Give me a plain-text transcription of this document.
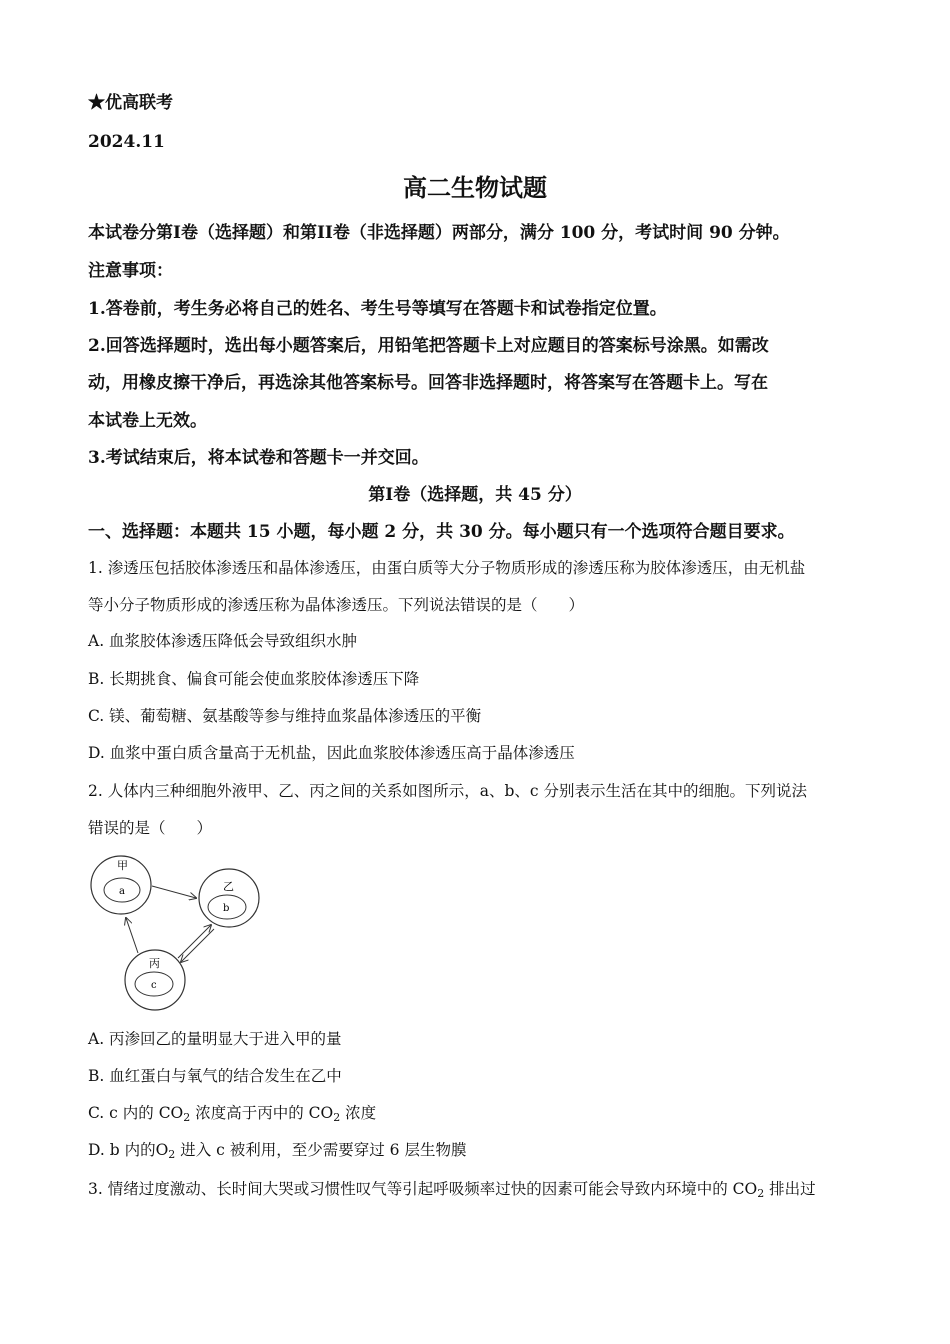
★优高联考
2024.11
高二生物试题
本试卷分第I卷（选择题）和第II卷（非选择题）两部分，满分 100 分，考试时间 90 分钟。
注意事项：
1.答卷前，考生务必将自己的姓名、考生号等填写在答题卡和试卷指定位置。
2.回答选择题时，选出每小题答案后，用铅笔把答题卡上对应题目的答案标号涂黑。如需改
动，用橡皮擦干净后，再选涂其他答案标号。回答非选择题时，将答案写在答题卡上。写在
本试卷上无效。
3.考试结束后，将本试卷和答题卡一并交回。
第I卷（选择题，共 45 分）
一、选择题：本题共 15 小题，每小题 2 分，共 30 分。每小题只有一个选项符合题目要求。
1. 渗透压包括胶体渗透压和晶体渗透压，由蛋白质等大分子物质形成的渗透压称为胶体渗透压，由无机盐
等小分子物质形成的渗透压称为晶体渗透压。下列说法错误的是（　　）
A. 血浆胶体渗透压降低会导致组织水肿
B. 长期挑食、偏食可能会使血浆胶体渗透压下降
C. 镁、葡萄糖、氨基酸等参与维持血浆晶体渗透压的平衡
D. 血浆中蛋白质含量高于无机盐，因此血浆胶体渗透压高于晶体渗透压
2. 人体内三种细胞外液甲、乙、丙之间的关系如图所示，a、b、c 分别表示生活在其中的细胞。下列说法
错误的是（　　）
甲
a	乙
b
丙
c
A. 丙渗回乙的量明显大于进入甲的量
B. 血红蛋白与氧气的结合发生在乙中
C. c 内的 $CO_2$ 浓度高于丙中的 $CO_2$ 浓度
D. b 内的$O_2$ 进入 c 被利用，至少需要穿过 6 层生物膜
3. 情绪过度激动、长时间大哭或习惯性叹气等引起呼吸频率过快的因素可能会导致内环境中的 $CO_2$ 排出过
